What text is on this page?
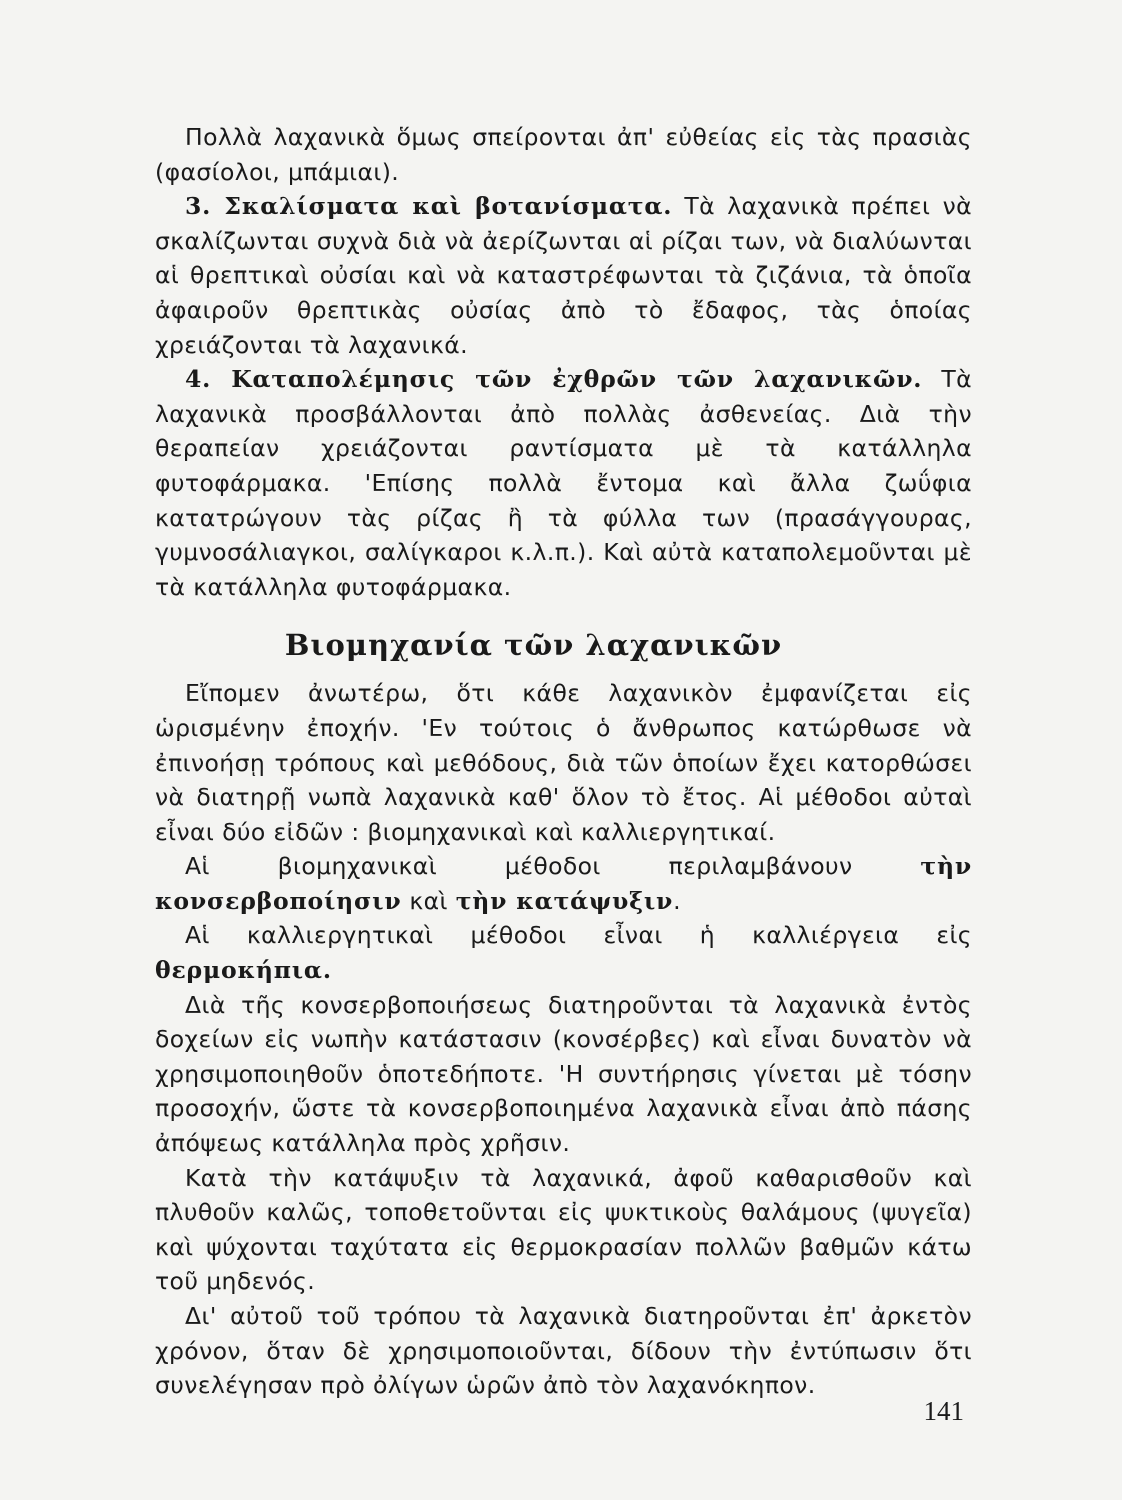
Πολλὰ λαχανικὰ ὅμως σπείρονται ἀπ' εὐθείας εἰς τὰς πρασιὰς (φασίολοι, μπάμιαι).

3. Σκαλίσματα καὶ βοτανίσματα. Τὰ λαχανικὰ πρέπει νὰ σκαλίζωνται συχνὰ διὰ νὰ ἀερίζωνται αἱ ρίζαι των, νὰ διαλύωνται αἱ θρεπτικαὶ οὐσίαι καὶ νὰ καταστρέφωνται τὰ ζιζάνια, τὰ ὁποῖα ἀφαιροῦν θρεπτικὰς οὐσίας ἀπὸ τὸ ἔδαφος, τὰς ὁποίας χρειάζονται τὰ λαχανικά.

4. Καταπολέμησις τῶν ἐχθρῶν τῶν λαχανικῶν. Τὰ λαχανικὰ προσβάλλονται ἀπὸ πολλὰς ἀσθενείας. Διὰ τὴν θεραπείαν χρειάζονται ραντίσματα μὲ τὰ κατάλληλα φυτοφάρμακα. 'Επίσης πολλὰ ἔντομα καὶ ἄλλα ζωΰφια κατατρώγουν τὰς ρίζας ἢ τὰ φύλλα των (πρασάγγουρας, γυμνοσάλιαγκοι, σαλίγκαροι κ.λ.π.). Καὶ αὐτὰ καταπολεμοῦνται μὲ τὰ κατάλληλα φυτοφάρμακα.

Βιομηχανία τῶν λαχανικῶν

Εἴπομεν ἀνωτέρω, ὅτι κάθε λαχανικὸν ἐμφανίζεται εἰς ὡρισμένην ἐποχήν. 'Εν τούτοις ὁ ἄνθρωπος κατώρθωσε νὰ ἐπινοήσῃ τρόπους καὶ μεθόδους, διὰ τῶν ὁποίων ἔχει κατορθώσει νὰ διατηρῇ νωπὰ λαχανικὰ καθ' ὅλον τὸ ἔτος. Αἱ μέθοδοι αὐταὶ εἶναι δύο εἰδῶν : βιομηχανικαὶ καὶ καλλιεργητικαί.

Αἱ βιομηχανικαὶ μέθοδοι περιλαμβάνουν τὴν κονσερβοποίησιν καὶ τὴν κατάψυξιν.

Αἱ καλλιεργητικαὶ μέθοδοι εἶναι ἡ καλλιέργεια εἰς θερμοκήπια.

Διὰ τῆς κονσερβοποιήσεως διατηροῦνται τὰ λαχανικὰ ἐντὸς δοχείων εἰς νωπὴν κατάστασιν (κονσέρβες) καὶ εἶναι δυνατὸν νὰ χρησιμοποιηθοῦν ὁποτεδήποτε. 'Η συντήρησις γίνεται μὲ τόσην προσοχήν, ὥστε τὰ κονσερβοποιημένα λαχανικὰ εἶναι ἀπὸ πάσης ἀπόψεως κατάλληλα πρὸς χρῆσιν.

Κατὰ τὴν κατάψυξιν τὰ λαχανικά, ἀφοῦ καθαρισθοῦν καὶ πλυθοῦν καλῶς, τοποθετοῦνται εἰς ψυκτικοὺς θαλάμους (ψυγεῖα) καὶ ψύχονται ταχύτατα εἰς θερμοκρασίαν πολλῶν βαθμῶν κάτω τοῦ μηδενός.

Δι' αὐτοῦ τοῦ τρόπου τὰ λαχανικὰ διατηροῦνται ἐπ' ἀρκετὸν χρόνον, ὅταν δὲ χρησιμοποιοῦνται, δίδουν τὴν ἐντύπωσιν ὅτι συνελέγησαν πρὸ ὀλίγων ὡρῶν ἀπὸ τὸν λαχανόκηπον.

141
